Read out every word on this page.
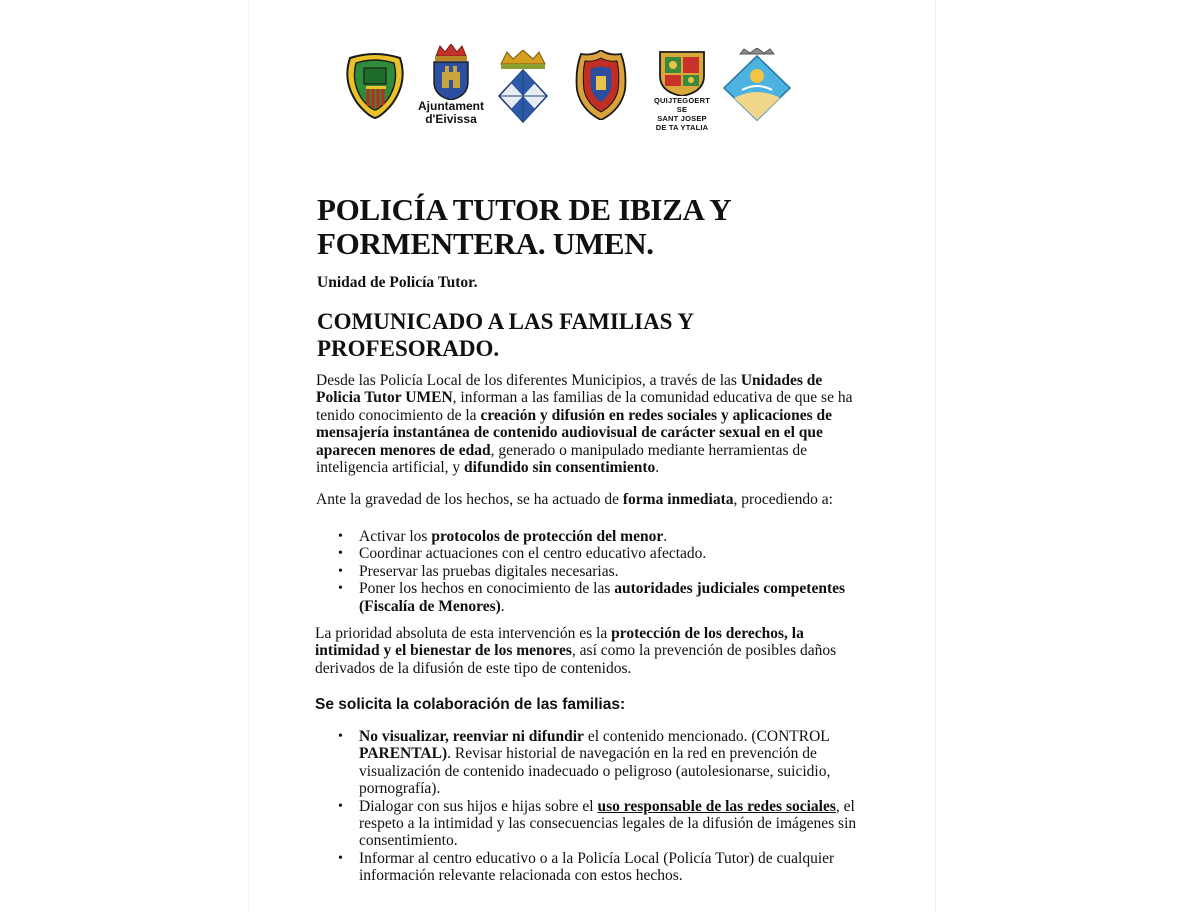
Ajuntament
d'Eivissa
QUIJTEGOERT SE
SANT JOSEP
DE TA YTALIA
POLICÍA TUTOR DE IBIZA Y
FORMENTERA. UMEN.
Unidad de Policía Tutor.
COMUNICADO A LAS FAMILIAS Y
PROFESORADO.

Desde las Policía Local de los diferentes Municipios, a través de las Unidades de

Policia Tutor UMEN, informan a las familias de la comunidad educativa de que se ha

tenido conocimiento de la creación y difusión en redes sociales y aplicaciones de

mensajería instantánea de contenido audiovisual de carácter sexual en el que

aparecen menores de edad, generado o manipulado mediante herramientas de

inteligencia artificial, y difundido sin consentimiento.

Ante la gravedad de los hechos, se ha actuado de forma inmediata, procediendo a:

• Activar los protocolos de protección del menor.
• Coordinar actuaciones con el centro educativo afectado.
• Preservar las pruebas digitales necesarias.
• Poner los hechos en conocimiento de las autoridades judiciales competentes
(Fiscalía de Menores).

La prioridad absoluta de esta intervención es la protección de los derechos, la

intimidad y el bienestar de los menores, así como la prevención de posibles daños

derivados de la difusión de este tipo de contenidos.

Se solicita la colaboración de las familias:
• No visualizar, reenviar ni difundir el contenido mencionado. (CONTROL
PARENTAL). Revisar historial de navegación en la red en prevención de
visualización de contenido inadecuado o peligroso (autolesionarse, suicidio,
pornografía).
• Dialogar con sus hijos e hijas sobre el uso responsable de las redes sociales, el
respeto a la intimidad y las consecuencias legales de la difusión de imágenes sin
consentimiento.
• Informar al centro educativo o a la Policía Local (Policía Tutor) de cualquier
información relevante relacionada con estos hechos.
